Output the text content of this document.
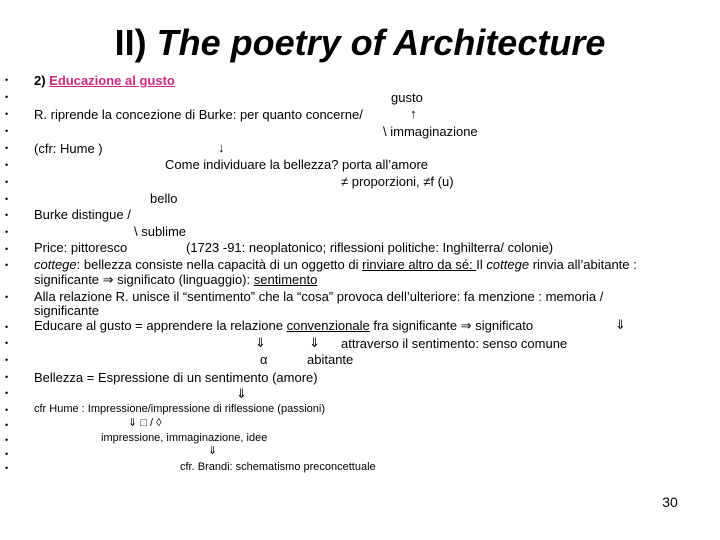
II) The poetry of Architecture
•
•
•
•
•
•
•
•
•
•
•
•
•
•
•
•
•
•
•
•
•
•
•
2) Educazione al gusto
gusto
R. riprende la concezione di Burke: per quanto concerne/	↑
\ immaginazione
(cfr: Hume )	↓
Come individuare la bellezza? porta all’amore
≠ proporzioni, ≠f (u)
bello
Burke distingue /
\ sublime
Price: pittoresco	(1723 -91: neoplatonico; riflessioni politiche: Inghilterra/ colonie)
cottege: bellezza consiste nella capacità di un oggetto di rinviare altro da sé: Il cottege rinvia all’abitante :
significante ⇒ significato (linguaggio): sentimento
Alla relazione R. unisce il “sentimento” che la “cosa” provoca dell’ulteriore: fa menzione : memoria /
significante
Educare al gusto = apprendere la relazione convenzionale fra significante ⇒ significato	⇓
⇓	⇓ attraverso il sentimento: senso comune
α	abitante
Bellezza = Espressione di un sentimento (amore)
⇓
cfr Hume : Impressione/impressione di riflessione (passioni)
⇓ □ / ◊
impressione, immaginazione, idee
⇓
cfr. Brandi: schematismo preconcettuale
30
